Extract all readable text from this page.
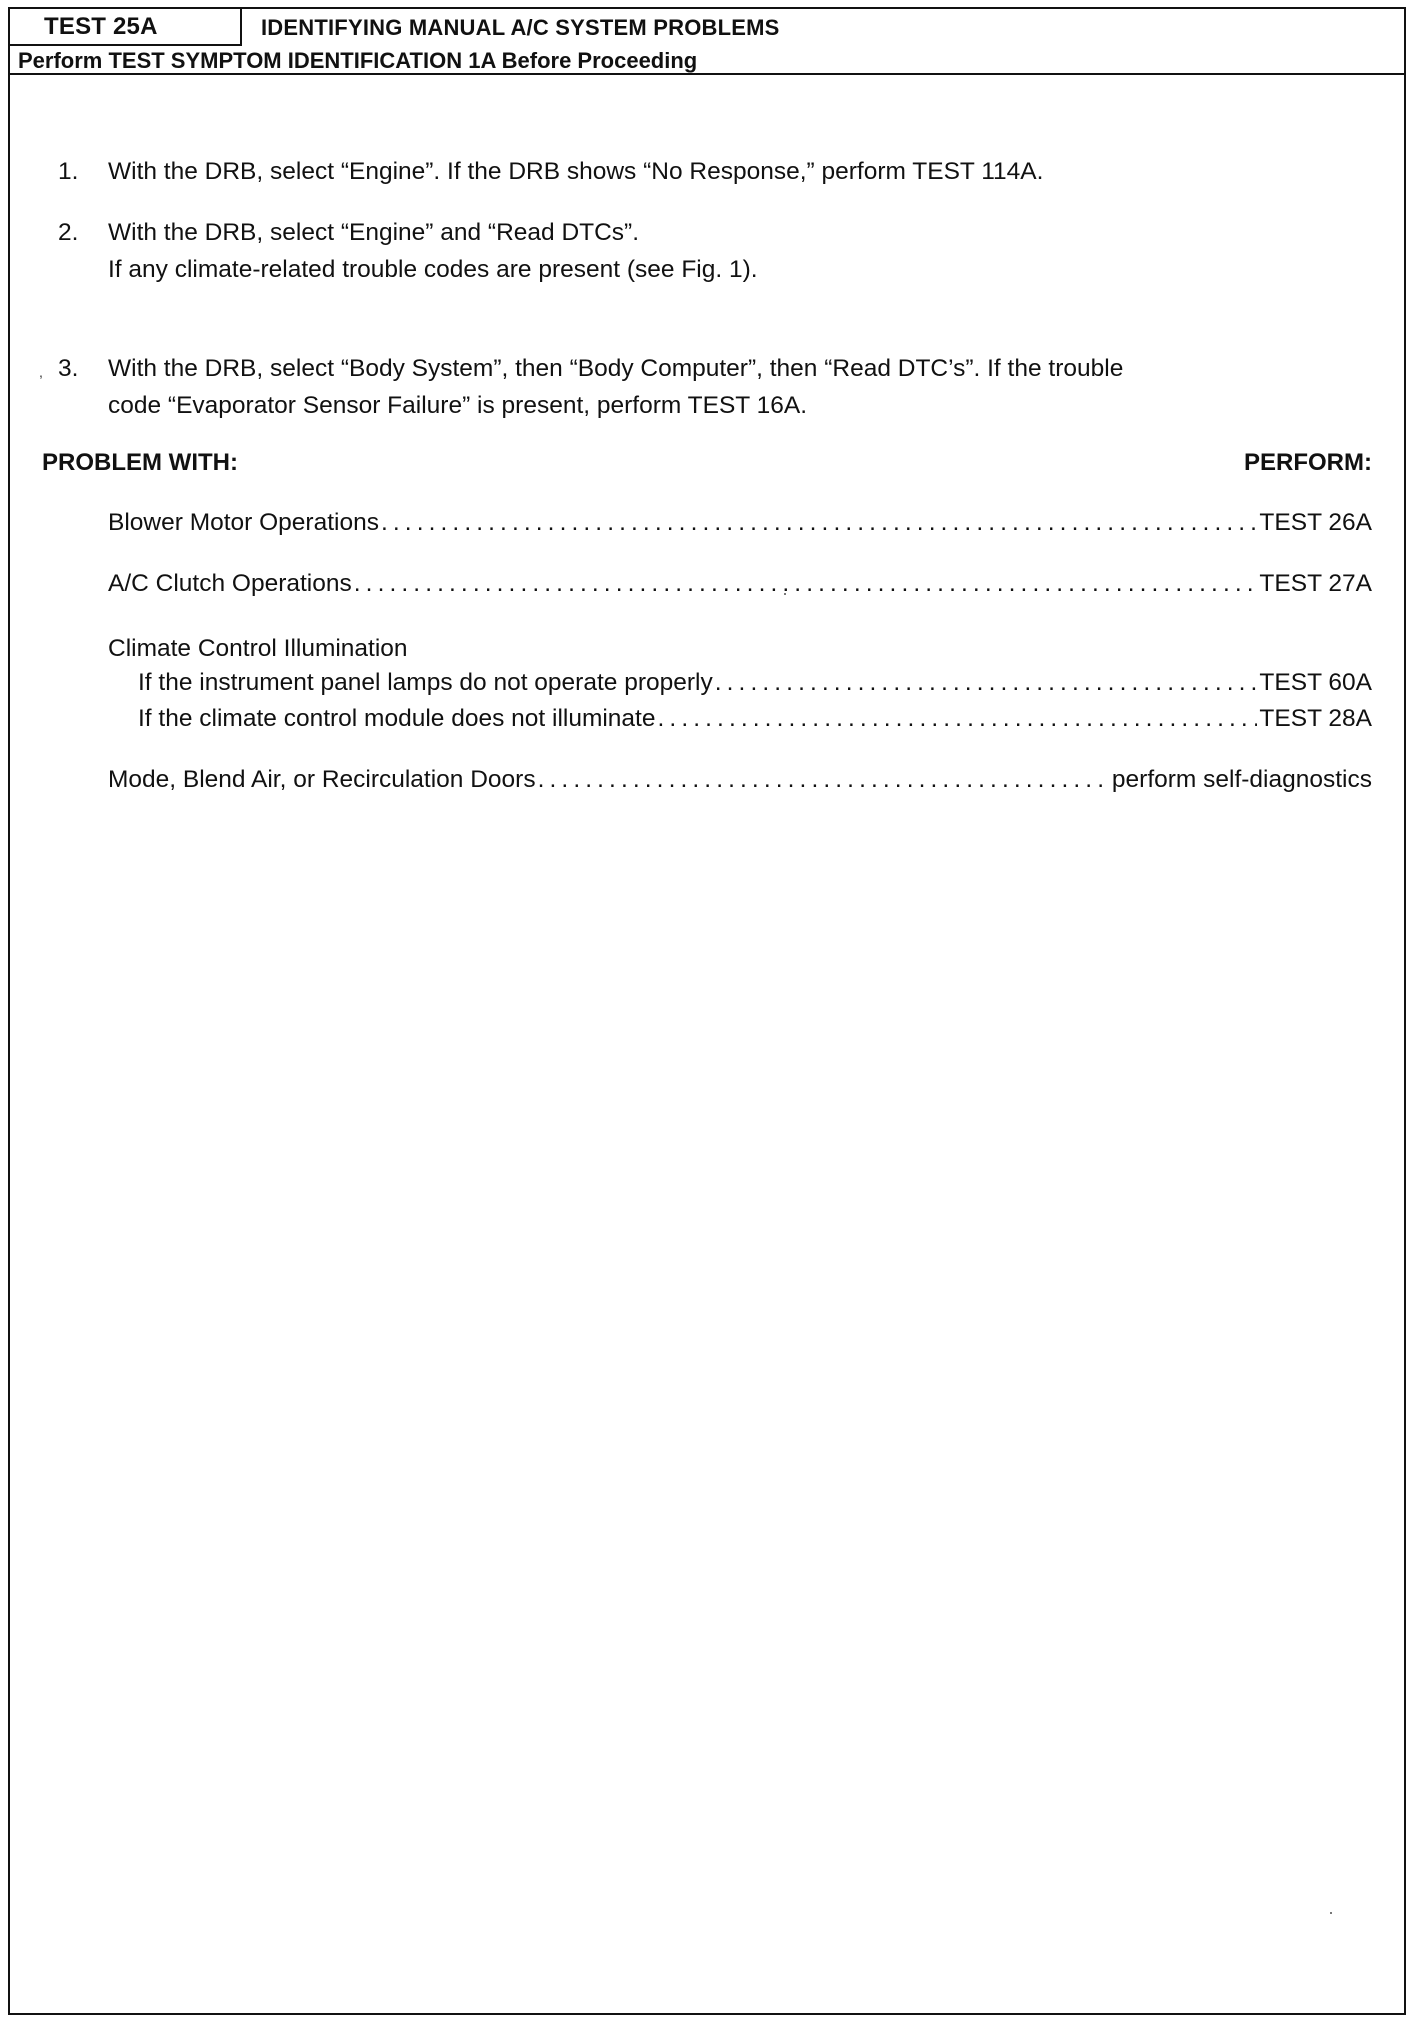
TEST 25A	IDENTIFYING MANUAL A/C SYSTEM PROBLEMS
Perform TEST SYMPTOM IDENTIFICATION 1A Before Proceeding
1.	With the DRB, select “Engine”. If the DRB shows “No Response,” perform TEST 114A.
2.	With the DRB, select “Engine” and “Read DTCs”.
If any climate-related trouble codes are present (see Fig. 1).
, 3.	With the DRB, select “Body System”, then “Body Computer”, then “Read DTC’s”. If the trouble
code “Evaporator Sensor Failure” is present, perform TEST 16A.
PROBLEM WITH:	PERFORM:
Blower Motor Operations .....	TEST 26A
A/C Clutch Operations .....	TEST 27A
Climate Control Illumination
If the instrument panel lamps do not operate properly .....	TEST 60A
If the climate control module does not illuminate .....	TEST 28A
Mode, Blend Air, or Recirculation Doors .....	perform self-diagnostics
